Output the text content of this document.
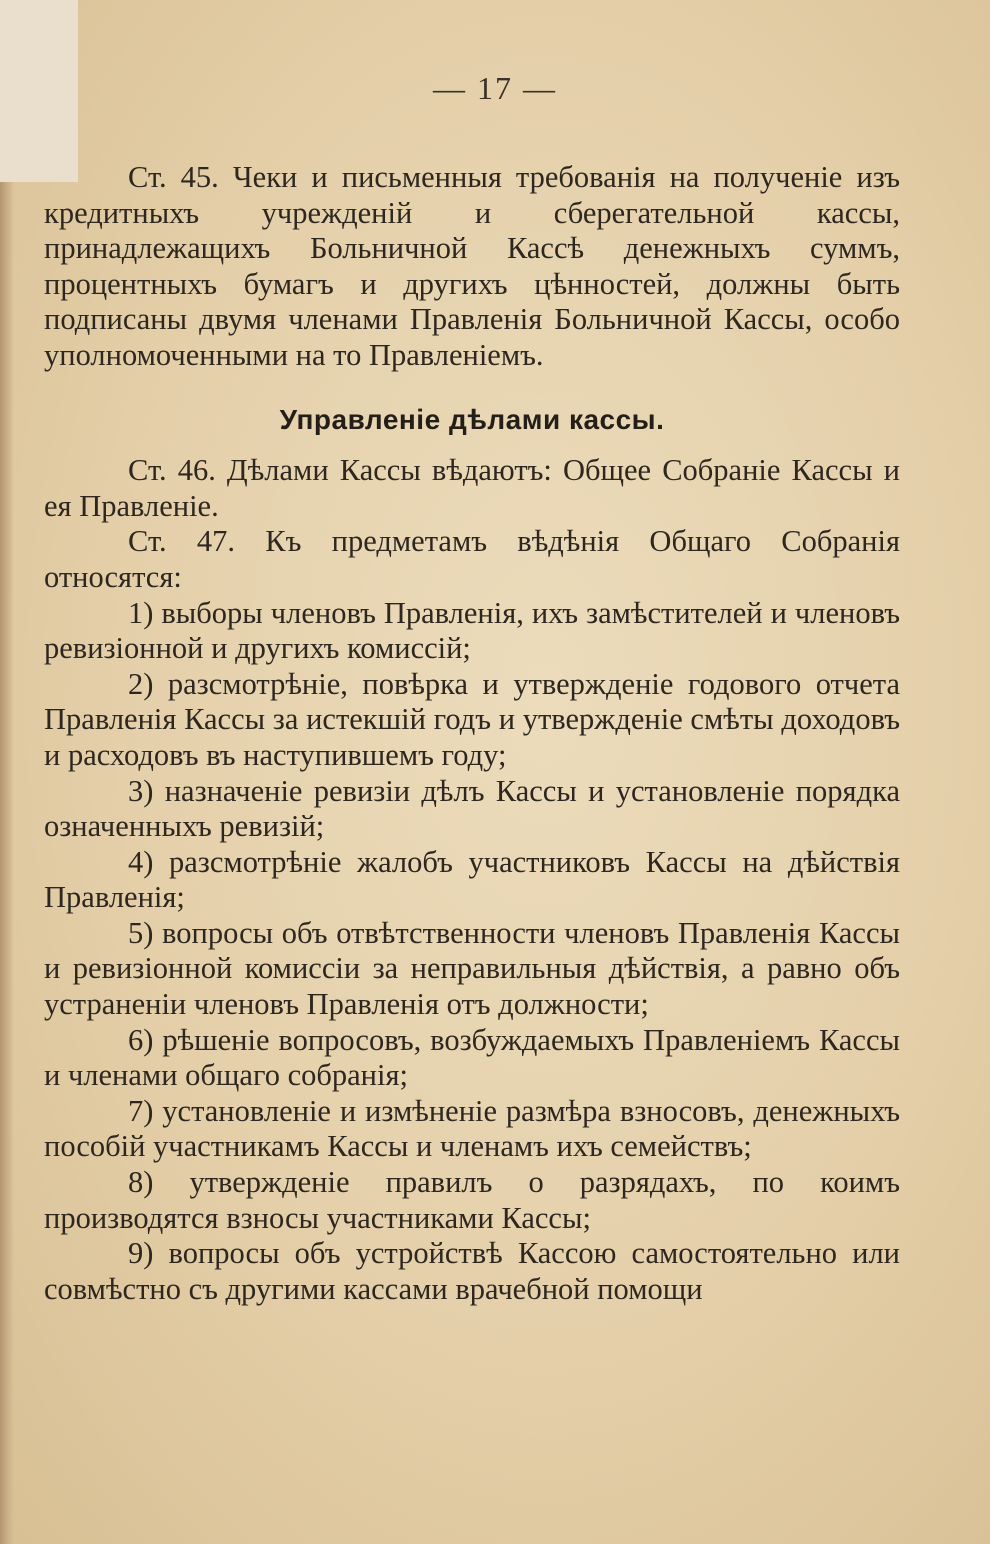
— 17 —

Ст. 45. Чеки и письменныя требованія на полученіе изъ кредитныхъ учрежденій и сберегательной кассы, принадлежащихъ Больничной Кассѣ денежныхъ суммъ, процентныхъ бумагъ и другихъ цѣнностей, должны быть подписаны двумя членами Правленія Больничной Кассы, особо уполномоченными на то Правленіемъ.

Управленіе дѣлами кассы.

Ст. 46. Дѣлами Кассы вѣдаютъ: Общее Собраніе Кассы и ея Правленіе.

Ст. 47. Къ предметамъ вѣдѣнія Общаго Собранія относятся:

1) выборы членовъ Правленія, ихъ замѣстителей и членовъ ревизіонной и другихъ комиссій;

2) разсмотрѣніе, повѣрка и утвержденіе годового отчета Правленія Кассы за истекшій годъ и утвержденіе смѣты доходовъ и расходовъ въ наступившемъ году;

3) назначеніе ревизіи дѣлъ Кассы и установленіе порядка означенныхъ ревизій;

4) разсмотрѣніе жалобъ участниковъ Кассы на дѣйствія Правленія;

5) вопросы объ отвѣтственности членовъ Правленія Кассы и ревизіонной комиссіи за неправильныя дѣйствія, а равно объ устраненіи членовъ Правленія отъ должности;

6) рѣшеніе вопросовъ, возбуждаемыхъ Правленіемъ Кассы и членами общаго собранія;

7) установленіе и измѣненіе размѣра взносовъ, денежныхъ пособій участникамъ Кассы и членамъ ихъ семействъ;

8) утвержденіе правилъ о разрядахъ, по коимъ производятся взносы участниками Кассы;

9) вопросы объ устройствѣ Кассою самостоятельно или совмѣстно съ другими кассами врачебной помощи
